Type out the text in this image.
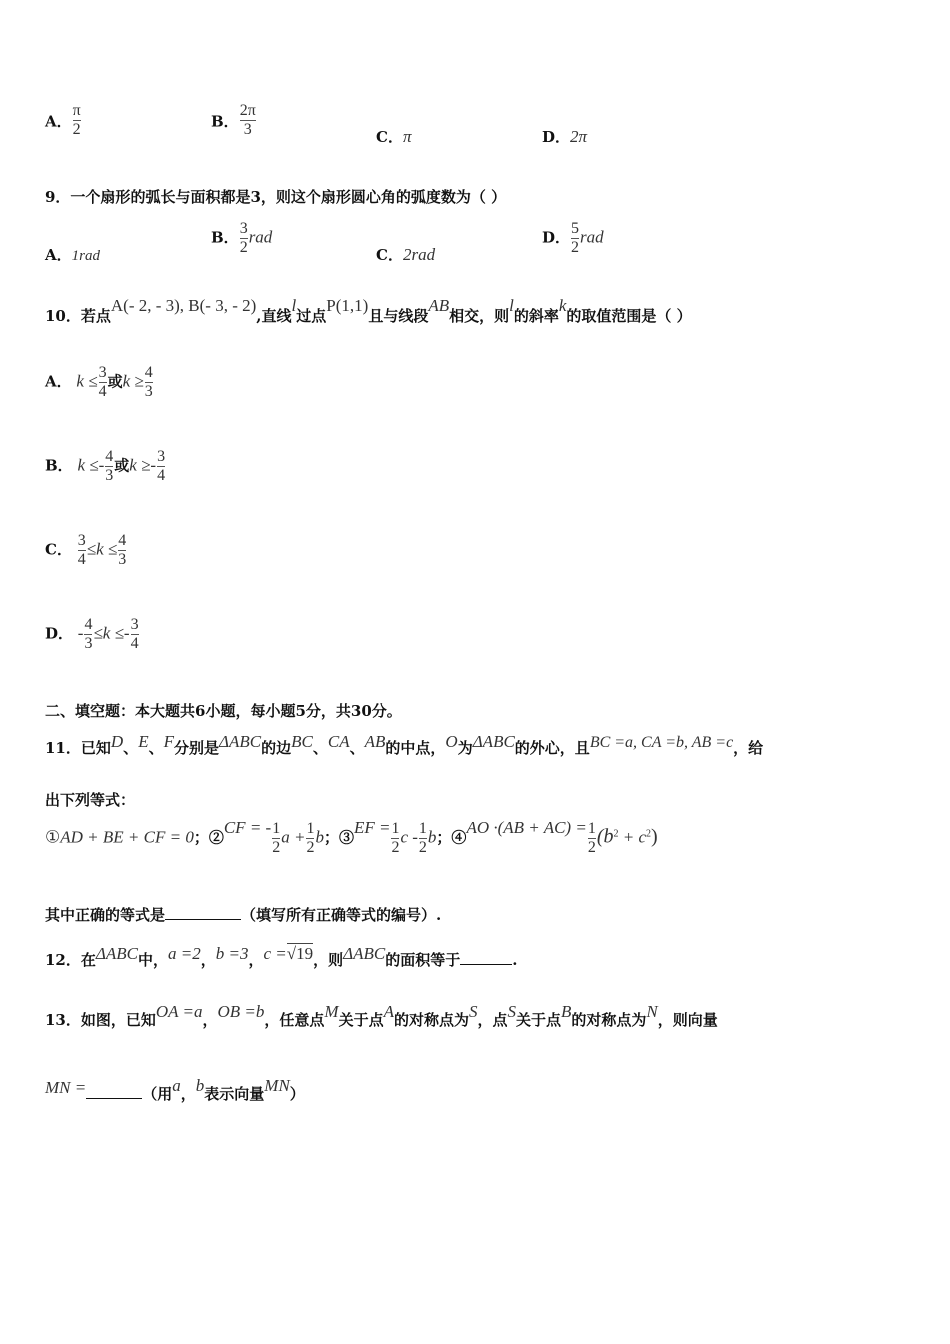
A． $\frac{\pi}{2}$	B． $\frac{2\pi}{3}$	C．π	D．2π
9．一个扇形的弧长与面积都是3，则这个扇形圆心角的弧度数为（ ）
A．1rad
B． $\frac{3}{2}$ rad
C．2rad
D． $\frac{5}{2}$ rad
10．若点A(- 2, - 3), B(- 3, - 2),直线l过点P(1,1)且与线段AB相交，则l的斜率k的取值范围是（ ）
A． $k \le \frac{3}{4}$ 或$k \ge \frac{4}{3}$
B． $k \le- \frac{4}{3}$ 或$k \ge- \frac{3}{4}$
C． $\frac{3}{4} \le k \le \frac{4}{3}$
D． - $\frac{4}{3} \le k \le- \frac{3}{4}$
二、填空题：本大题共6小题，每小题5分，共30分。
11．已知D、E、F分别是ΔABC的边BC、CA、AB的中点，O为ΔABC的外心，且BC =a, CA =b, AB =c，给
出下列等式：
①AD + BE + CF = 0；②CF = - $\frac{1}{2}$ $a + \frac{1}{2}$ b；③EF = $\frac{1}{2}$ c - $\frac{1}{2}$ b；④AO $\cdot(AB + AC) = \frac{1}{2} (b^2 + c^2)$
其中正确的等式是	（填写所有正确等式的编号）.
12．在ΔABC中，a =2，b =3，c =√19，则ΔABC的面积等于	.
13．如图，已知OA =a，OB =b，任意点M关于点A的对称点为S，点S关于点B的对称点为N，则向量
MN =	（用a，b表示向量MN）
